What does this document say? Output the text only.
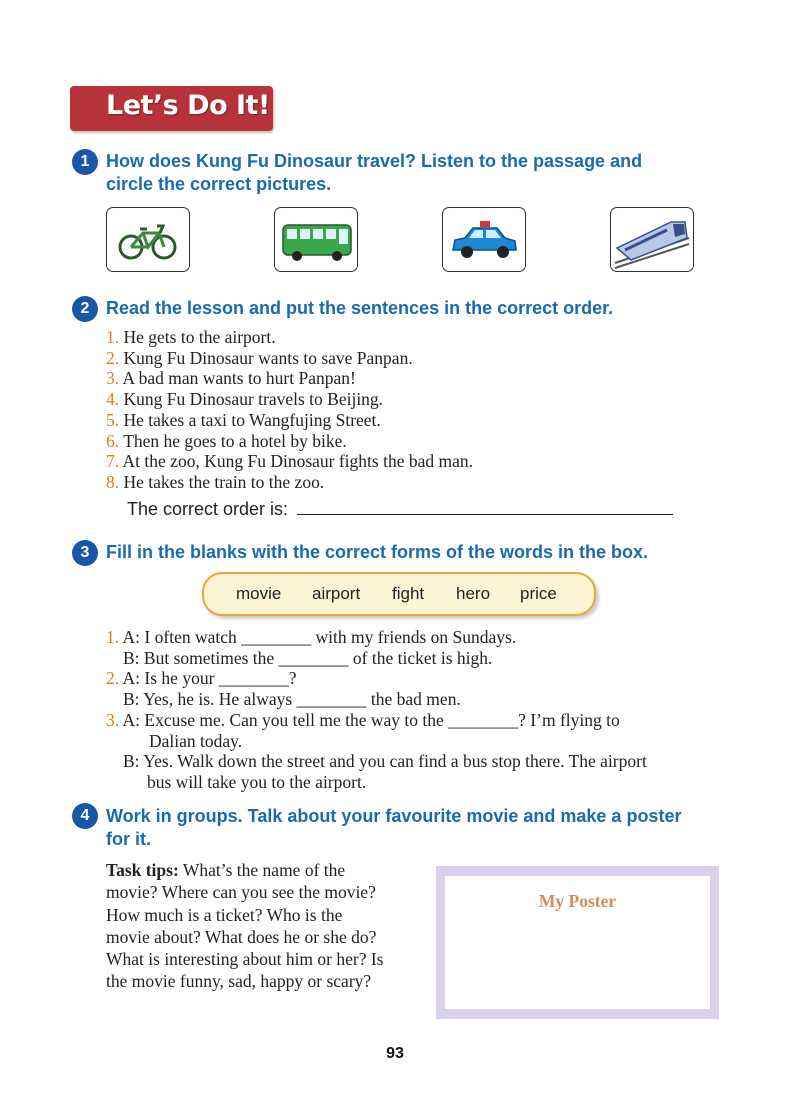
Let’s Do It!
1 How does Kung Fu Dinosaur travel? Listen to the passage and
circle the correct pictures.
2 Read the lesson and put the sentences in the correct order.
1. He gets to the airport.
2. Kung Fu Dinosaur wants to save Panpan.
3. A bad man wants to hurt Panpan!
4. Kung Fu Dinosaur travels to Beijing.
5. He takes a taxi to Wangfujing Street.
6. Then he goes to a hotel by bike.
7. At the zoo, Kung Fu Dinosaur fights the bad man.
8. He takes the train to the zoo.
The correct order is:
3 Fill in the blanks with the correct forms of the words in the box.
movie airport fight hero price
1. A: I often watch ________ with my friends on Sundays.
B: But sometimes the ________ of the ticket is high.
2. A: Is he your ________?
B: Yes, he is. He always ________ the bad men.
3. A: Excuse me. Can you tell me the way to the ________? I’m flying to
Dalian today.
B: Yes. Walk down the street and you can find a bus stop there. The airport
bus will take you to the airport.
4 Work in groups. Talk about your favourite movie and make a poster
for it.
Task tips: What’s the name of the
movie? Where can you see the movie?
How much is a ticket? Who is the
movie about? What does he or she do?
What is interesting about him or her? Is
the movie funny, sad, happy or scary?
My Poster
93
